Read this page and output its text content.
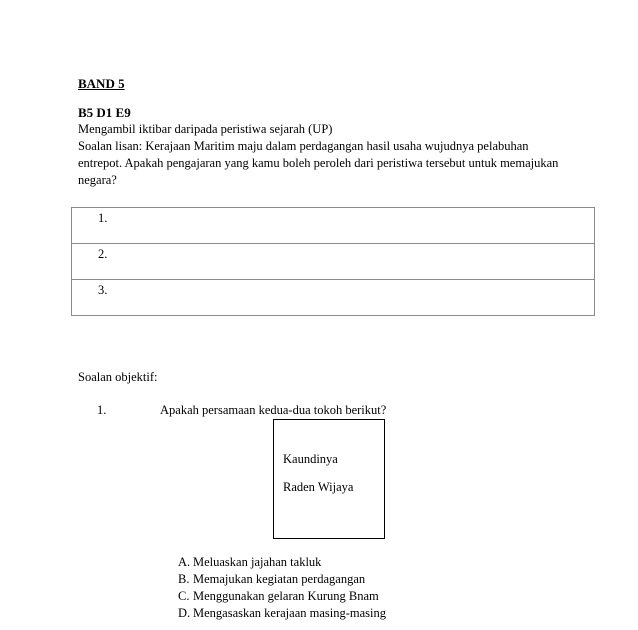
BAND 5
B5 D1 E9
Mengambil iktibar daripada peristiwa sejarah (UP)
Soalan lisan: Kerajaan Maritim maju dalam perdagangan hasil usaha wujudnya pelabuhan
entrepot. Apakah pengajaran yang kamu boleh peroleh dari peristiwa tersebut untuk memajukan
negara?
1.
2.
3.
Soalan objektif:
1.	Apakah persamaan kedua-dua tokoh berikut?
Kaundinya
Raden Wijaya
A. Meluaskan jajahan takluk
B. Memajukan kegiatan perdagangan
C. Menggunakan gelaran Kurung Bnam
D. Mengasaskan kerajaan masing-masing
